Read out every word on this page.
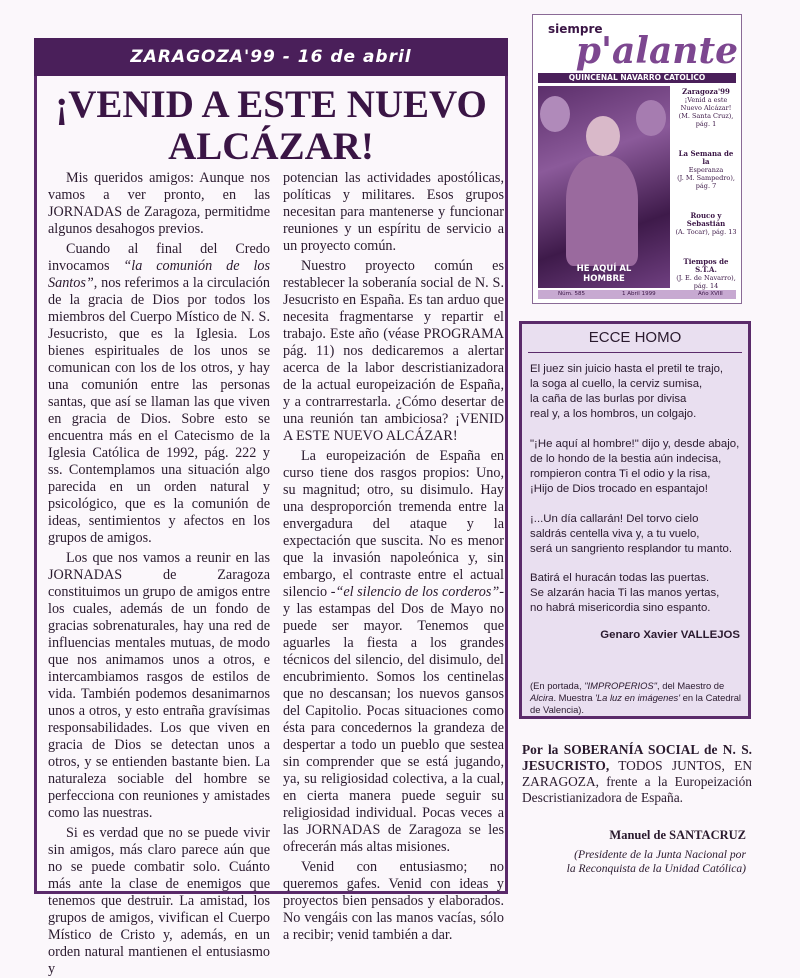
ZARAGOZA'99 - 16 de abril
¡VENID A ESTE NUEVO
ALCÁZAR!

Mis queridos amigos: Aunque nos vamos a ver pronto, en las JORNADAS de Zaragoza, permitidme algunos desahogos previos.

Cuando al final del Credo invocamos “la comunión de los Santos”, nos referimos a la circulación de la gracia de Dios por todos los miembros del Cuerpo Místico de N. S. Jesucristo, que es la Iglesia. Los bienes espirituales de los unos se comunican con los de los otros, y hay una comunión entre las personas santas, que así se llaman las que viven en gracia de Dios. Sobre esto se encuentra más en el Catecismo de la Iglesia Católica de 1992, pág. 222 y ss. Contemplamos una situación algo parecida en un orden natural y psicológico, que es la comunión de ideas, sentimientos y afectos en los grupos de amigos.

Los que nos vamos a reunir en las JORNADAS de Zaragoza constituimos un grupo de amigos entre los cuales, además de un fondo de gracias sobrenaturales, hay una red de influencias mentales mutuas, de modo que nos animamos unos a otros, e intercambiamos rasgos de estilos de vida. También podemos desanimarnos unos a otros, y esto entraña gravísimas responsabilidades. Los que viven en gracia de Dios se detectan unos a otros, y se entienden bastante bien. La naturaleza sociable del hombre se perfecciona con reuniones y amistades como las nuestras.

Si es verdad que no se puede vivir sin amigos, más claro parece aún que no se puede combatir solo. Cuánto más ante la clase de enemigos que tenemos que destruir. La amistad, los grupos de amigos, vivifican el Cuerpo Místico de Cristo y, además, en un orden natural mantienen el entusiasmo y

potencian las actividades apostólicas, políticas y militares. Esos grupos necesitan para mantenerse y funcionar reuniones y un espíritu de servicio a un proyecto común.

Nuestro proyecto común es restablecer la soberanía social de N. S. Jesucristo en España. Es tan arduo que necesita fragmentarse y repartir el trabajo. Este año (véase PROGRAMA pág. 11) nos dedicaremos a alertar acerca de la labor descristianizadora de la actual europeización de España, y a contrarrestarla. ¿Cómo desertar de una reunión tan ambiciosa? ¡VENID A ESTE NUEVO ALCÁZAR!

La europeización de España en curso tiene dos rasgos propios: Uno, su magnitud; otro, su disimulo. Hay una desproporción tremenda entre la envergadura del ataque y la expectación que suscita. No es menor que la invasión napoleónica y, sin embargo, el contraste entre el actual silencio -“el silencio de los corderos”- y las estampas del Dos de Mayo no puede ser mayor. Tenemos que aguarles la fiesta a los grandes técnicos del silencio, del disimulo, del encubrimiento. Somos los centinelas que no descansan; los nuevos gansos del Capitolio. Pocas situaciones como ésta para concedernos la grandeza de despertar a todo un pueblo que sestea sin comprender que se está jugando, ya, su religiosidad colectiva, a la cual, en cierta manera puede seguir su religiosidad individual. Pocas veces a las JORNADAS de Zaragoza se les ofrecerán más altas misiones.

Venid con entusiasmo; no queremos gafes. Venid con ideas y proyectos bien pensados y elaborados. No vengáis con las manos vacías, sólo a recibir; venid también a dar.

siempre
p'alante
QUINCENAL NAVARRO CATOLICO
HE AQUÍ AL
HOMBRE
Zaragoza'99
¡Venid a este Nuevo Alcázar!
(M. Santa Cruz), pág. 1
La Semana de la
Esperanza
(J. M. Sampedro), pág. 7
Rouco y Sebastián
(A. Tocar), pág. 13
Tiempos de S.T.A.
(J. E. de Navarro), pág. 14
Núm. 585	1 Abril 1999	Año XVIII
ECCE HOMO
El juez sin juicio hasta el pretil te trajo,
la soga al cuello, la cerviz sumisa,
la caña de las burlas por divisa
real y, a los hombros, un colgajo.
"¡He aquí al hombre!" dijo y, desde abajo,
de lo hondo de la bestia aún indecisa,
rompieron contra Ti el odio y la risa,
¡Hijo de Dios trocado en espantajo!
¡...Un día callarán! Del torvo cielo
saldrás centella viva y, a tu vuelo,
será un sangriento resplandor tu manto.
Batirá el huracán todas las puertas.
Se alzarán hacia Ti las manos yertas,
no habrá misericordia sino espanto.
Genaro Xavier VALLEJOS
(En portada, "IMPROPERIOS", del Maestro de Alcira. Muestra 'La luz en imágenes' en la Catedral de Valencia).
Por la SOBERANÍA SOCIAL de N. S. JESUCRISTO, TODOS JUNTOS, EN ZARAGOZA, frente a la Europeización Descristianizadora de España.
Manuel de SANTACRUZ
(Presidente de la Junta Nacional por
la Reconquista de la Unidad Católica)
